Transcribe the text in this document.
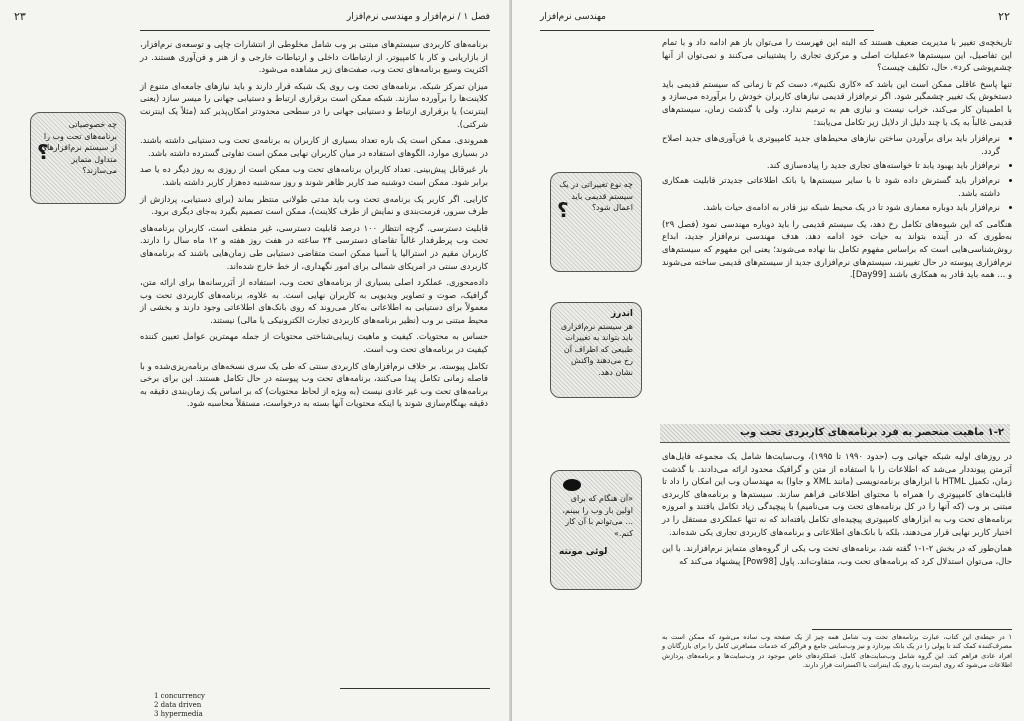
۲۳	فصل ۱ / نرم‌افزار و مهندسی نرم‌افزار

برنامه‌های کاربردی سیستم‌های مبتنی بر وب شامل مخلوطی از انتشارات چاپی و توسعه‌ی نرم‌افزار، از بازاریابی و کار با کامپیوتر، از ارتباطات داخلی و ارتباطات خارجی و از هنر و فن‌آوری هستند. در اکثریت وسیع برنامه‌های تحت وب، صفت‌های زیر مشاهده می‌شود.

میزان تمرکز شبکه. برنامه‌های تحت وب روی یک شبکه قرار دارند و باید نیازهای جامعه‌ای متنوع از کلاینت‌ها را برآورده سازند. شبکه ممکن است برقراری ارتباط و دستیابی جهانی را میسر سازد (یعنی اینترنت) یا برقراری ارتباط و دستیابی جهانی را در سطحی محدودتر امکان‌پذیر کند (مثلاً یک اینترنت شرکتی).

همروندی. ممکن است یک باره تعداد بسیاری از کاربران به برنامه‌ی تحت وب دستیابی داشته باشند. در بسیاری موارد، الگوهای استفاده در میان کاربران نهایی ممکن است تفاوتی گسترده داشته باشد.

بار غیرقابل پیش‌بینی. تعداد کاربران برنامه‌های تحت وب ممکن است از روزی به روز دیگر ده یا صد برابر شود. ممکن است دوشنبه صد کاربر ظاهر شوند و روز سه‌شنبه ده‌هزار کاربر داشته باشد.

کارایی. اگر کاربر یک برنامه‌ی تحت وب باید مدتی طولانی منتظر بماند (برای دستیابی، پردازش از طرف سرور، فرمت‌بندی و نمایش از طرف کلاینت)، ممکن است تصمیم بگیرد به‌جای دیگری برود.

قابلیت دسترسی. گرچه انتظار ۱۰۰ درصد قابلیت دسترسی، غیر منطقی است، کاربران برنامه‌های تحت وب پرطرفدار غالباً تقاضای دسترسی ۲۴ ساعته در هفت روز هفته و ۱۲ ماه سال را دارند. کاربران مقیم در استرالیا یا آسیا ممکن است متقاضی دستیابی طی زمان‌هایی باشند که برنامه‌های کاربردی سنتی در امریکای شمالی برای امور نگهداری، از خط خارج شده‌اند.

داده‌محوری. عملکرد اصلی بسیاری از برنامه‌های تحت وب، استفاده از اَبَررسانه‌ها برای ارائه متن، گرافیک، صوت و تصاویر ویدیویی به کاربران نهایی است. به علاوه، برنامه‌های کاربردی تحت وب معمولاً برای دستیابی به اطلاعاتی به‌کار می‌روند که روی بانک‌های اطلاعاتی وجود دارند و بخشی از محیط مبتنی بر وب (نظیر برنامه‌های کاربردی تجارت الکترونیکی یا مالی) نیستند.

حساس به محتویات. کیفیت و ماهیت زیبایی‌شناختی محتویات از جمله مهمترین عوامل تعیین کننده کیفیت در برنامه‌های تحت وب است.

تکامل پیوسته. بر خلاف نرم‌افزارهای کاربردی سنتی که طی یک سری نسخه‌های برنامه‌ریزی‌شده و با فاصله زمانی تکامل پیدا می‌کنند، برنامه‌های تحت وب پیوسته در حال تکامل هستند. این برای برخی برنامه‌های تحت وب غیر عادی نیست (به ویژه از لحاظ محتویات) که بر اساس یک زمان‌بندی دقیقه به دقیقه بهنگام‌سازی شوند یا اینکه محتویات آنها بسته به درخواست، مستقلاً محاسبه شود.

؟
چه خصوصیاتی برنامه‌های تحت وب را از سیستم نرم‌افزارهای متداول متمایز می‌سازند؟
1 concurrency
2 data driven
3 hypermedia
۲۲
مهندسی نرم‌افزار

تاریخچه‌ی تغییر با مدیریت ضعیف هستند که البته این فهرست را می‌توان باز هم ادامه داد و با تمام این تفاصیل، این سیستم‌ها «عملیات اصلی و مرکزی تجاری را پشتیبانی می‌کنند و نمی‌توان از آنها چشم‌پوشی کرد». حال، تکلیف چیست؟

تنها پاسخ عاقلی ممکن است این باشد که «کاری نکنیم»، دست کم تا زمانی که سیستم قدیمی باید دستخوش یک تغییر چشمگیر شود. اگر نرم‌افزار قدیمی نیازهای کاربران خودش را برآورده می‌سازد و با اطمینان کار می‌کند، خراب نیست و نیازی هم به ترمیم ندارد. ولی با گذشت زمان، سیستم‌های قدیمی غالباً به یک یا چند دلیل از دلایل زیر تکامل می‌یابند:

• نرم‌افزار باید برای برآوردن ساختن نیازهای محیط‌های جدید کامپیوتری یا فن‌آوری‌های جدید اصلاح گردد.
• نرم‌افزار باید بهبود یابد تا خواسته‌های تجاری جدید را پیاده‌سازی کند.
• نرم‌افزار باید گسترش داده شود تا با سایر سیستم‌ها یا بانک اطلاعاتی جدیدتر قابلیت همکاری داشته باشد.
• نرم‌افزار باید دوباره معماری شود تا در یک محیط شبکه نیز قادر به ادامه‌ی حیات باشد.

هنگامی که این شیوه‌های تکامل رخ دهد، یک سیستم قدیمی را باید دوباره مهندسی نمود (فصل ۲۹) به‌طوری که در آینده بتواند به حیات خود ادامه دهد. هدف مهندسی نرم‌افزار جدید، ابداع روش‌شناسی‌هایی است که براساس مفهوم تکامل بنا نهاده می‌شوند؛ یعنی این مفهوم که سیستم‌های نرم‌افزاری پیوسته در حال تغییرند، سیستم‌های نرم‌افزاری جدید از سیستم‌های قدیمی ساخته می‌شوند و ... همه باید قادر به همکاری باشند [Day99].

؟
چه نوع تغییراتی در یک سیستم قدیمی باید اعمال شود؟
اندرز
هر سیستم نرم‌افزاری باید بتواند به تغییرات طبیعی که اطراف آن رخ می‌دهند واکنش نشان دهد.
«آن هنگام که برای اولین بار وب را ببینم، ... می‌توانم با آن کار کنم.»
لوئی مونته
۱-۲ ماهیت منحصر به فرد برنامه‌های کاربردی تحت وب

در روزهای اولیه شبکه جهانی وب (حدود ۱۹۹۰ تا ۱۹۹۵)، وب‌سایت‌ها شامل یک مجموعه فایل‌های اَبَرمتن پیونددار می‌شد که اطلاعات را با استفاده از متن و گرافیک محدود ارائه می‌دادند. با گذشت زمان، تکمیل HTML با ابزارهای برنامه‌نویسی (مانند XML و جاوا) به مهندسان وب این امکان را داد تا قابلیت‌های کامپیوتری را همراه با محتوای اطلاعاتی فراهم سازند. سیستم‌ها و برنامه‌های کاربردی مبتنی بر وب (که آنها را در کل برنامه‌های تحت وب می‌نامیم) با پیچیدگی زیاد تکامل یافتند و امروزه برنامه‌های تحت وب به ابزارهای کامپیوتری پیچیده‌ای تکامل یافته‌اند که نه تنها عملکردی مستقل را در اختیار کاربر نهایی قرار می‌دهند، بلکه با بانک‌های اطلاعاتی و برنامه‌های کاربردی تجاری یکی شده‌اند.

همان‌طور که در بخش ۲-۱-۱ گفته شد، برنامه‌های تحت وب یکی از گروه‌های متمایز نرم‌افزارند. با این حال، می‌توان استدلال کرد که برنامه‌های تحت وب، متفاوت‌اند. پاول [Pow98] پیشنهاد می‌کند که

۱ در حیطه‌ی این کتاب، عبارت برنامه‌های تحت وب شامل همه چیز از یک صفحه وب ساده می‌شود که ممکن است به مصرف‌کننده کمک کند تا پولی را در یک بانک بپردازد و نیز وب‌سایتی جامع و فراگیر که خدمات مسافرتی کامل را برای بازرگانان و افراد عادی فراهم کند. این گروه شامل وب‌سایت‌های کامل، عملکردهای خاص موجود در وب‌سایت‌ها و برنامه‌های پردازش اطلاعات می‌شود که روی اینترنت یا روی یک اینترانت یا اکسترانت قرار دارند.
